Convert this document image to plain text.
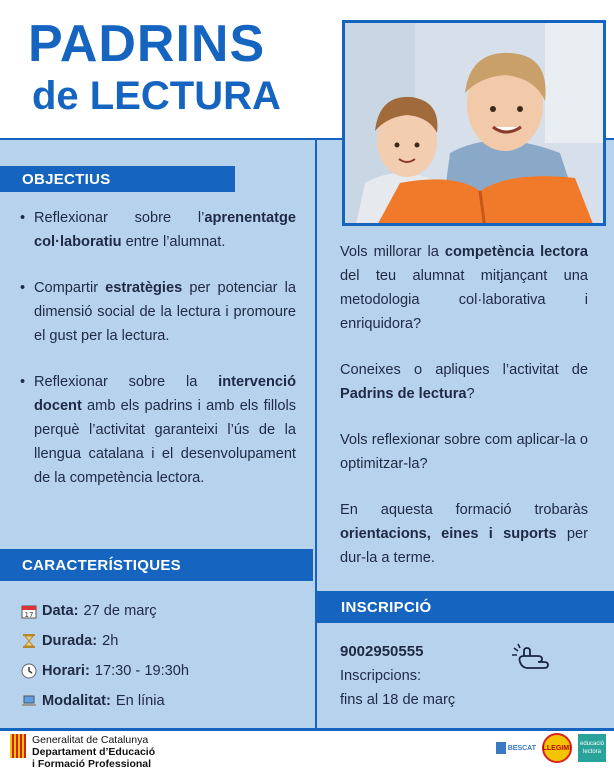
PADRINS
de LECTURA
OBJECTIUS
• Reflexionar sobre l’aprenentatge col·laboratiu entre l’alumnat.
• Compartir estratègies per potenciar la dimensió social de la lectura i promoure el gust per la lectura.
• Reflexionar sobre la intervenció docent amb els padrins i amb els fillols perquè l’activitat garanteixi l’ús de la llengua catalana i el desenvolupament de la competència lectora.
CARACTERÍSTIQUES
17 Data: 27 de març
Durada: 2h
Horari: 17:30 - 19:30h
Modalitat: En línia

Vols millorar la competència lectora del teu alumnat mitjançant una metodologia col·laborativa i enriquidora?

Coneixes o apliques l’activitat de Padrins de lectura?

Vols reflexionar sobre com aplicar-la o optimitzar-la?

En aquesta formació trobaràs orientacions, eines i suports per dur-la a terme.

INSCRIPCIÓ
9002950555
Inscripcions:
fins al 18 de març
Generalitat de Catalunya
Departament d’Educació
i Formació Professional
BESCAT LLEGIM!
educació lectora
